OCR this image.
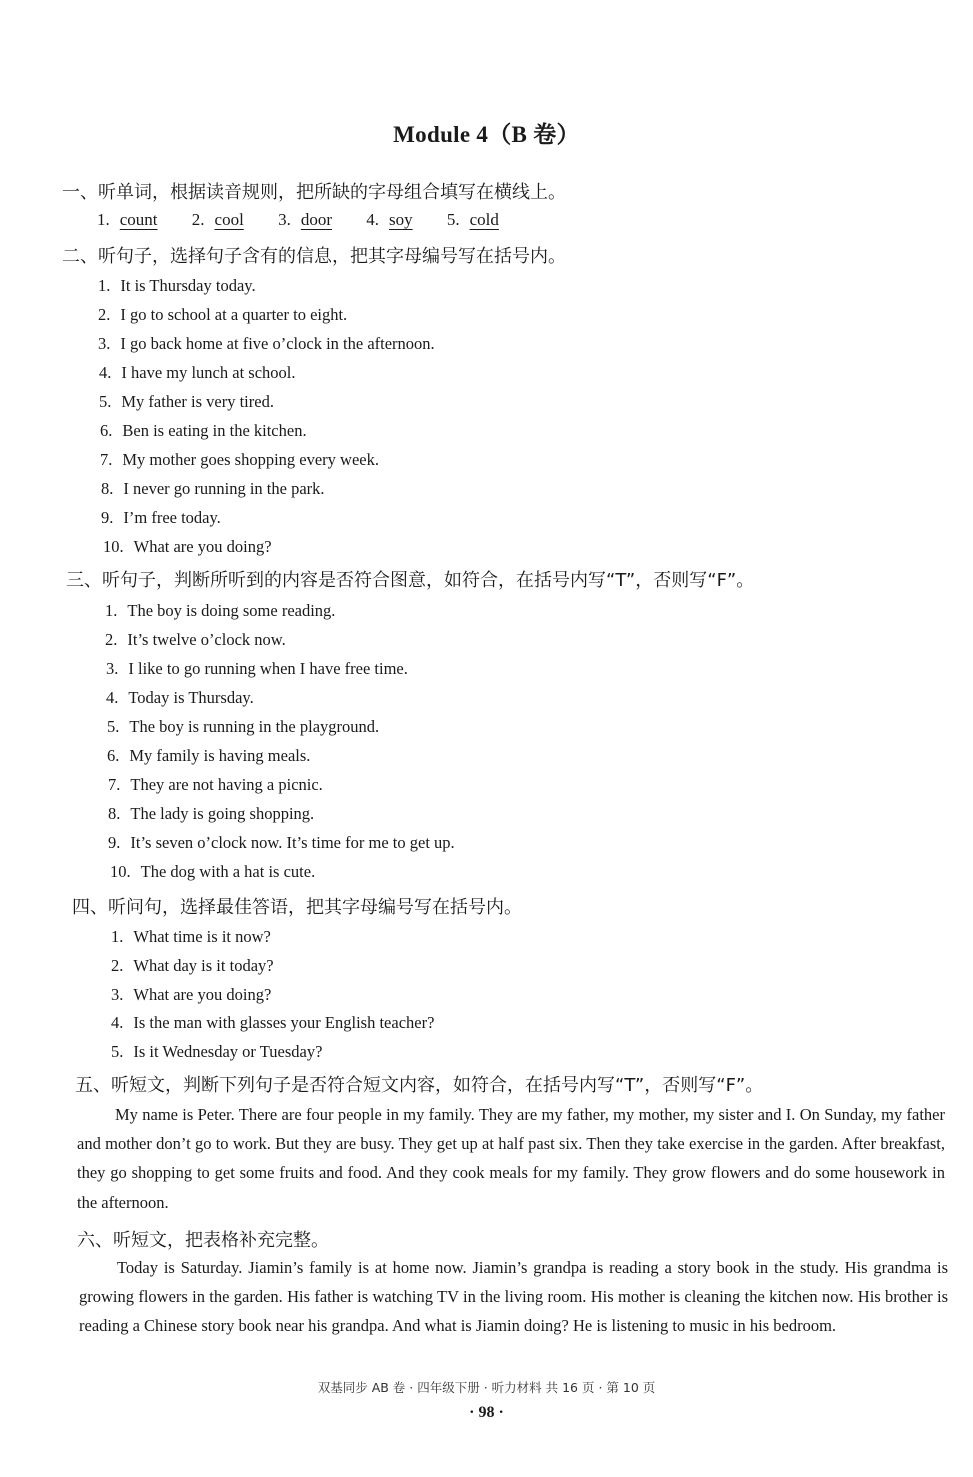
Module 4（B 卷）
一、听单词，根据读音规则，把所缺的字母组合填写在横线上。
1. count 2. cool 3. door 4. soy 5. cold
二、听句子，选择句子含有的信息，把其字母编号写在括号内。
1. It is Thursday today.
2. I go to school at a quarter to eight.
3. I go back home at five o’clock in the afternoon.
4. I have my lunch at school.
5. My father is very tired.
6. Ben is eating in the kitchen.
7. My mother goes shopping every week.
8. I never go running in the park.
9. I’m free today.
10. What are you doing?
三、听句子，判断所听到的内容是否符合图意，如符合，在括号内写“T”，否则写“F”。
1. The boy is doing some reading.
2. It’s twelve o’clock now.
3. I like to go running when I have free time.
4. Today is Thursday.
5. The boy is running in the playground.
6. My family is having meals.
7. They are not having a picnic.
8. The lady is going shopping.
9. It’s seven o’clock now. It’s time for me to get up.
10. The dog with a hat is cute.
四、听问句，选择最佳答语，把其字母编号写在括号内。
1. What time is it now?
2. What day is it today?
3. What are you doing?
4. Is the man with glasses your English teacher?
5. Is it Wednesday or Tuesday?
五、听短文，判断下列句子是否符合短文内容，如符合，在括号内写“T”，否则写“F”。
My name is Peter. There are four people in my family. They are my father, my mother, my sister and I. On Sunday, my father and mother don’t go to work. But they are busy. They get up at half past six. Then they take exercise in the garden. After breakfast, they go shopping to get some fruits and food. And they cook meals for my family. They grow flowers and do some housework in the afternoon.
六、听短文，把表格补充完整。
Today is Saturday. Jiamin’s family is at home now. Jiamin’s grandpa is reading a story book in the study. His grandma is growing flowers in the garden. His father is watching TV in the living room. His mother is cleaning the kitchen now. His brother is reading a Chinese story book near his grandpa. And what is Jiamin doing? He is listening to music in his bedroom.
双基同步 AB 卷 · 四年级下册 · 听力材料 共 16 页 · 第 10 页
· 98 ·
